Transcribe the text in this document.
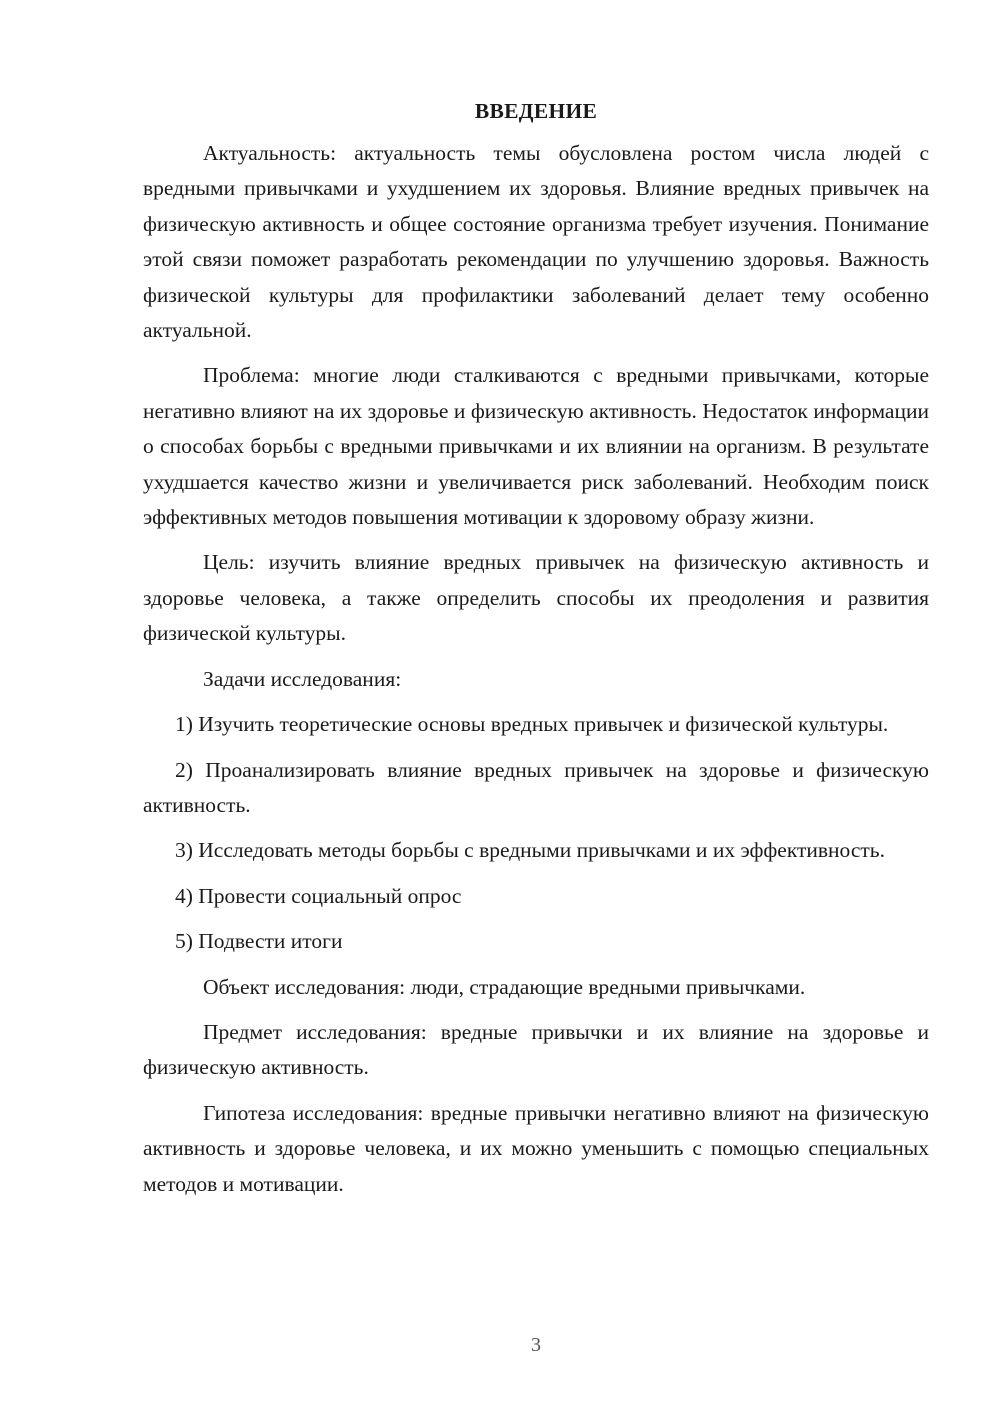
ВВЕДЕНИЕ

Актуальность: актуальность темы обусловлена ростом числа людей с вредными привычками и ухудшением их здоровья. Влияние вредных привычек на физическую активность и общее состояние организма требует изучения. Понимание этой связи поможет разработать рекомендации по улучшению здоровья. Важность физической культуры для профилактики заболеваний делает тему особенно актуальной.

Проблема: многие люди сталкиваются с вредными привычками, которые негативно влияют на их здоровье и физическую активность. Недостаток информации о способах борьбы с вредными привычками и их влиянии на организм. В результате ухудшается качество жизни и увеличивается риск заболеваний. Необходим поиск эффективных методов повышения мотивации к здоровому образу жизни.

Цель: изучить влияние вредных привычек на физическую активность и здоровье человека, а также определить способы их преодоления и развития физической культуры.

Задачи исследования:

1) Изучить теоретические основы вредных привычек и физической культуры.

2) Проанализировать влияние вредных привычек на здоровье и физическую активность.

3) Исследовать методы борьбы с вредными привычками и их эффективность.

4) Провести социальный опрос

5) Подвести итоги

Объект исследования: люди, страдающие вредными привычками.

Предмет исследования: вредные привычки и их влияние на здоровье и физическую активность.

Гипотеза исследования: вредные привычки негативно влияют на физическую активность и здоровье человека, и их можно уменьшить с помощью специальных методов и мотивации.

3
